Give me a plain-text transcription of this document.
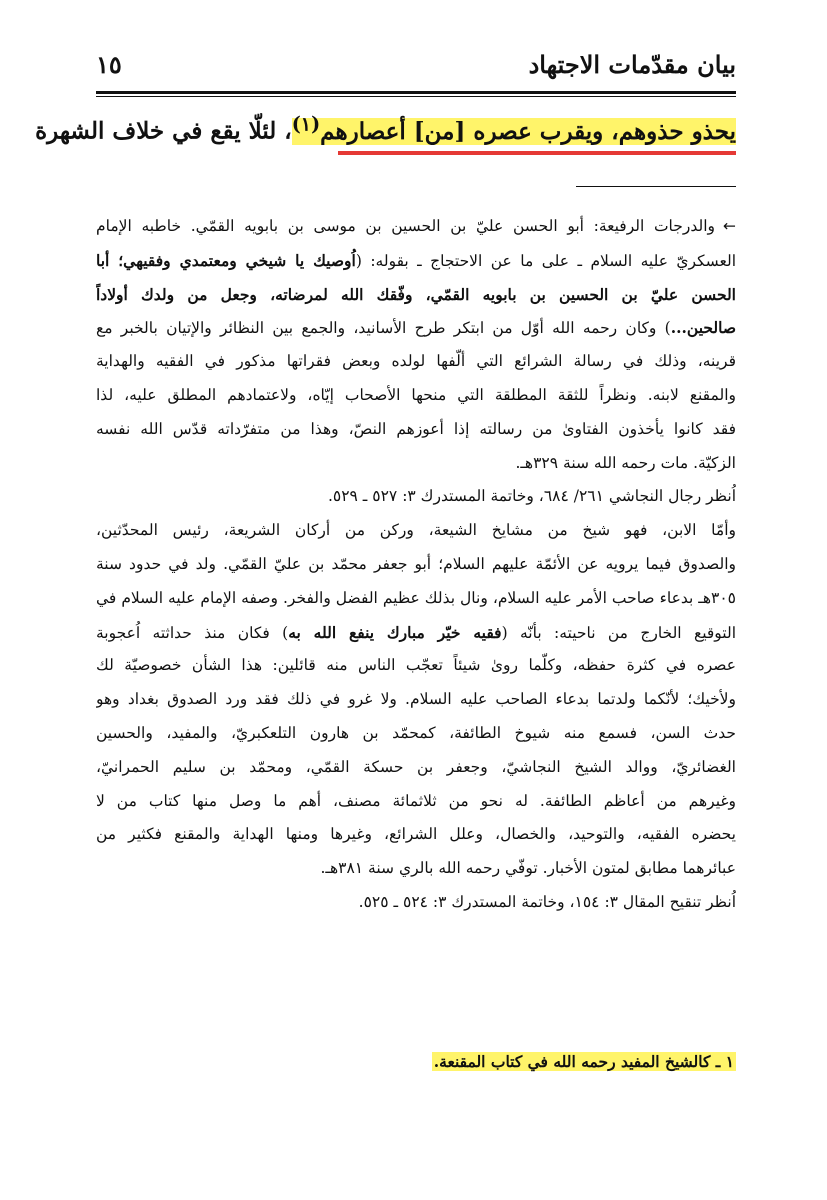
بيان مقدّمات الاجتهاد
١٥
يحذو حذوهم، ويقرب عصره [من] أعصارهم$^{(١)}$، لئلّا يقع في خلاف الشهرة
←والدرجات الرفيعة: أبو الحسن عليّ بن الحسين بن موسى بن بابويه القمّي. خاطبه الإمام
العسكريّ عليه السلام ـ على ما عن الاحتجاج ـ بقوله: (اُوصيك يا شيخي ومعتمدي وفقيهي؛ أبا
الحسن عليّ بن الحسين بن بابويه القمّي، وفّقك الله لمرضاته، وجعل من ولدك أولاداً
صالحين...) وكان رحمه الله أوّل من ابتكر طرح الأسانيد، والجمع بين النظائر والإتيان بالخبر مع
قرينه، وذلك في رسالة الشرائع التي ألّفها لولده وبعض فقراتها مذكور في الفقيه والهداية
والمقنع لابنه. ونظراً للثقة المطلقة التي منحها الأصحاب إيّاه، ولاعتمادهم المطلق عليه، لذا
فقد كانوا يأخذون الفتاوىٰ من رسالته إذا أعوزهم النصّ، وهذا من متفرّداته قدّس الله نفسه
الزكيّة. مات رحمه الله سنة ٣٢٩هـ.
اُنظر رجال النجاشي ٢٦١/ ٦٨٤، وخاتمة المستدرك ٣: ٥٢٧ ـ ٥٢٩.
وأمّا الابن، فهو شيخ من مشايخ الشيعة، وركن من أركان الشريعة، رئيس المحدّثين،
والصدوق فيما يرويه عن الأئمّة عليهم السلام؛ أبو جعفر محمّد بن عليّ القمّي. ولد في حدود سنة
٣٠٥هـ بدعاء صاحب الأمر عليه السلام، ونال بذلك عظيم الفضل والفخر. وصفه الإمام عليه السلام في
التوقيع الخارج من ناحيته: بأنّه (فقيه خيّر مبارك ينفع الله به) فكان منذ حداثته اُعجوبة
عصره في كثرة حفظه، وكلّما روىٰ شيئاً تعجّب الناس منه قائلين: هذا الشأن خصوصيّة لك
ولأخيك؛ لأنّكما ولدتما بدعاء الصاحب عليه السلام. ولا غرو في ذلك فقد ورد الصدوق بغداد وهو
حدث السن، فسمع منه شيوخ الطائفة، كمحمّد بن هارون التلعكبريّ، والمفيد، والحسين
الغضائريّ، ووالد الشيخ النجاشيّ، وجعفر بن حسكة القمّي، ومحمّد بن سليم الحمرانيّ،
وغيرهم من أعاظم الطائفة. له نحو من ثلاثمائة مصنف، أهم ما وصل منها كتاب من لا
يحضره الفقيه، والتوحيد، والخصال، وعلل الشرائع، وغيرها ومنها الهداية والمقنع فكثير من
عبائرهما مطابق لمتون الأخبار. توفّي رحمه الله بالري سنة ٣٨١هـ.
اُنظر تنقيح المقال ٣: ١٥٤، وخاتمة المستدرك ٣: ٥٢٤ ـ ٥٢٥.
١ ـ كالشيخ المفيد رحمه الله في كتاب المقنعة.
